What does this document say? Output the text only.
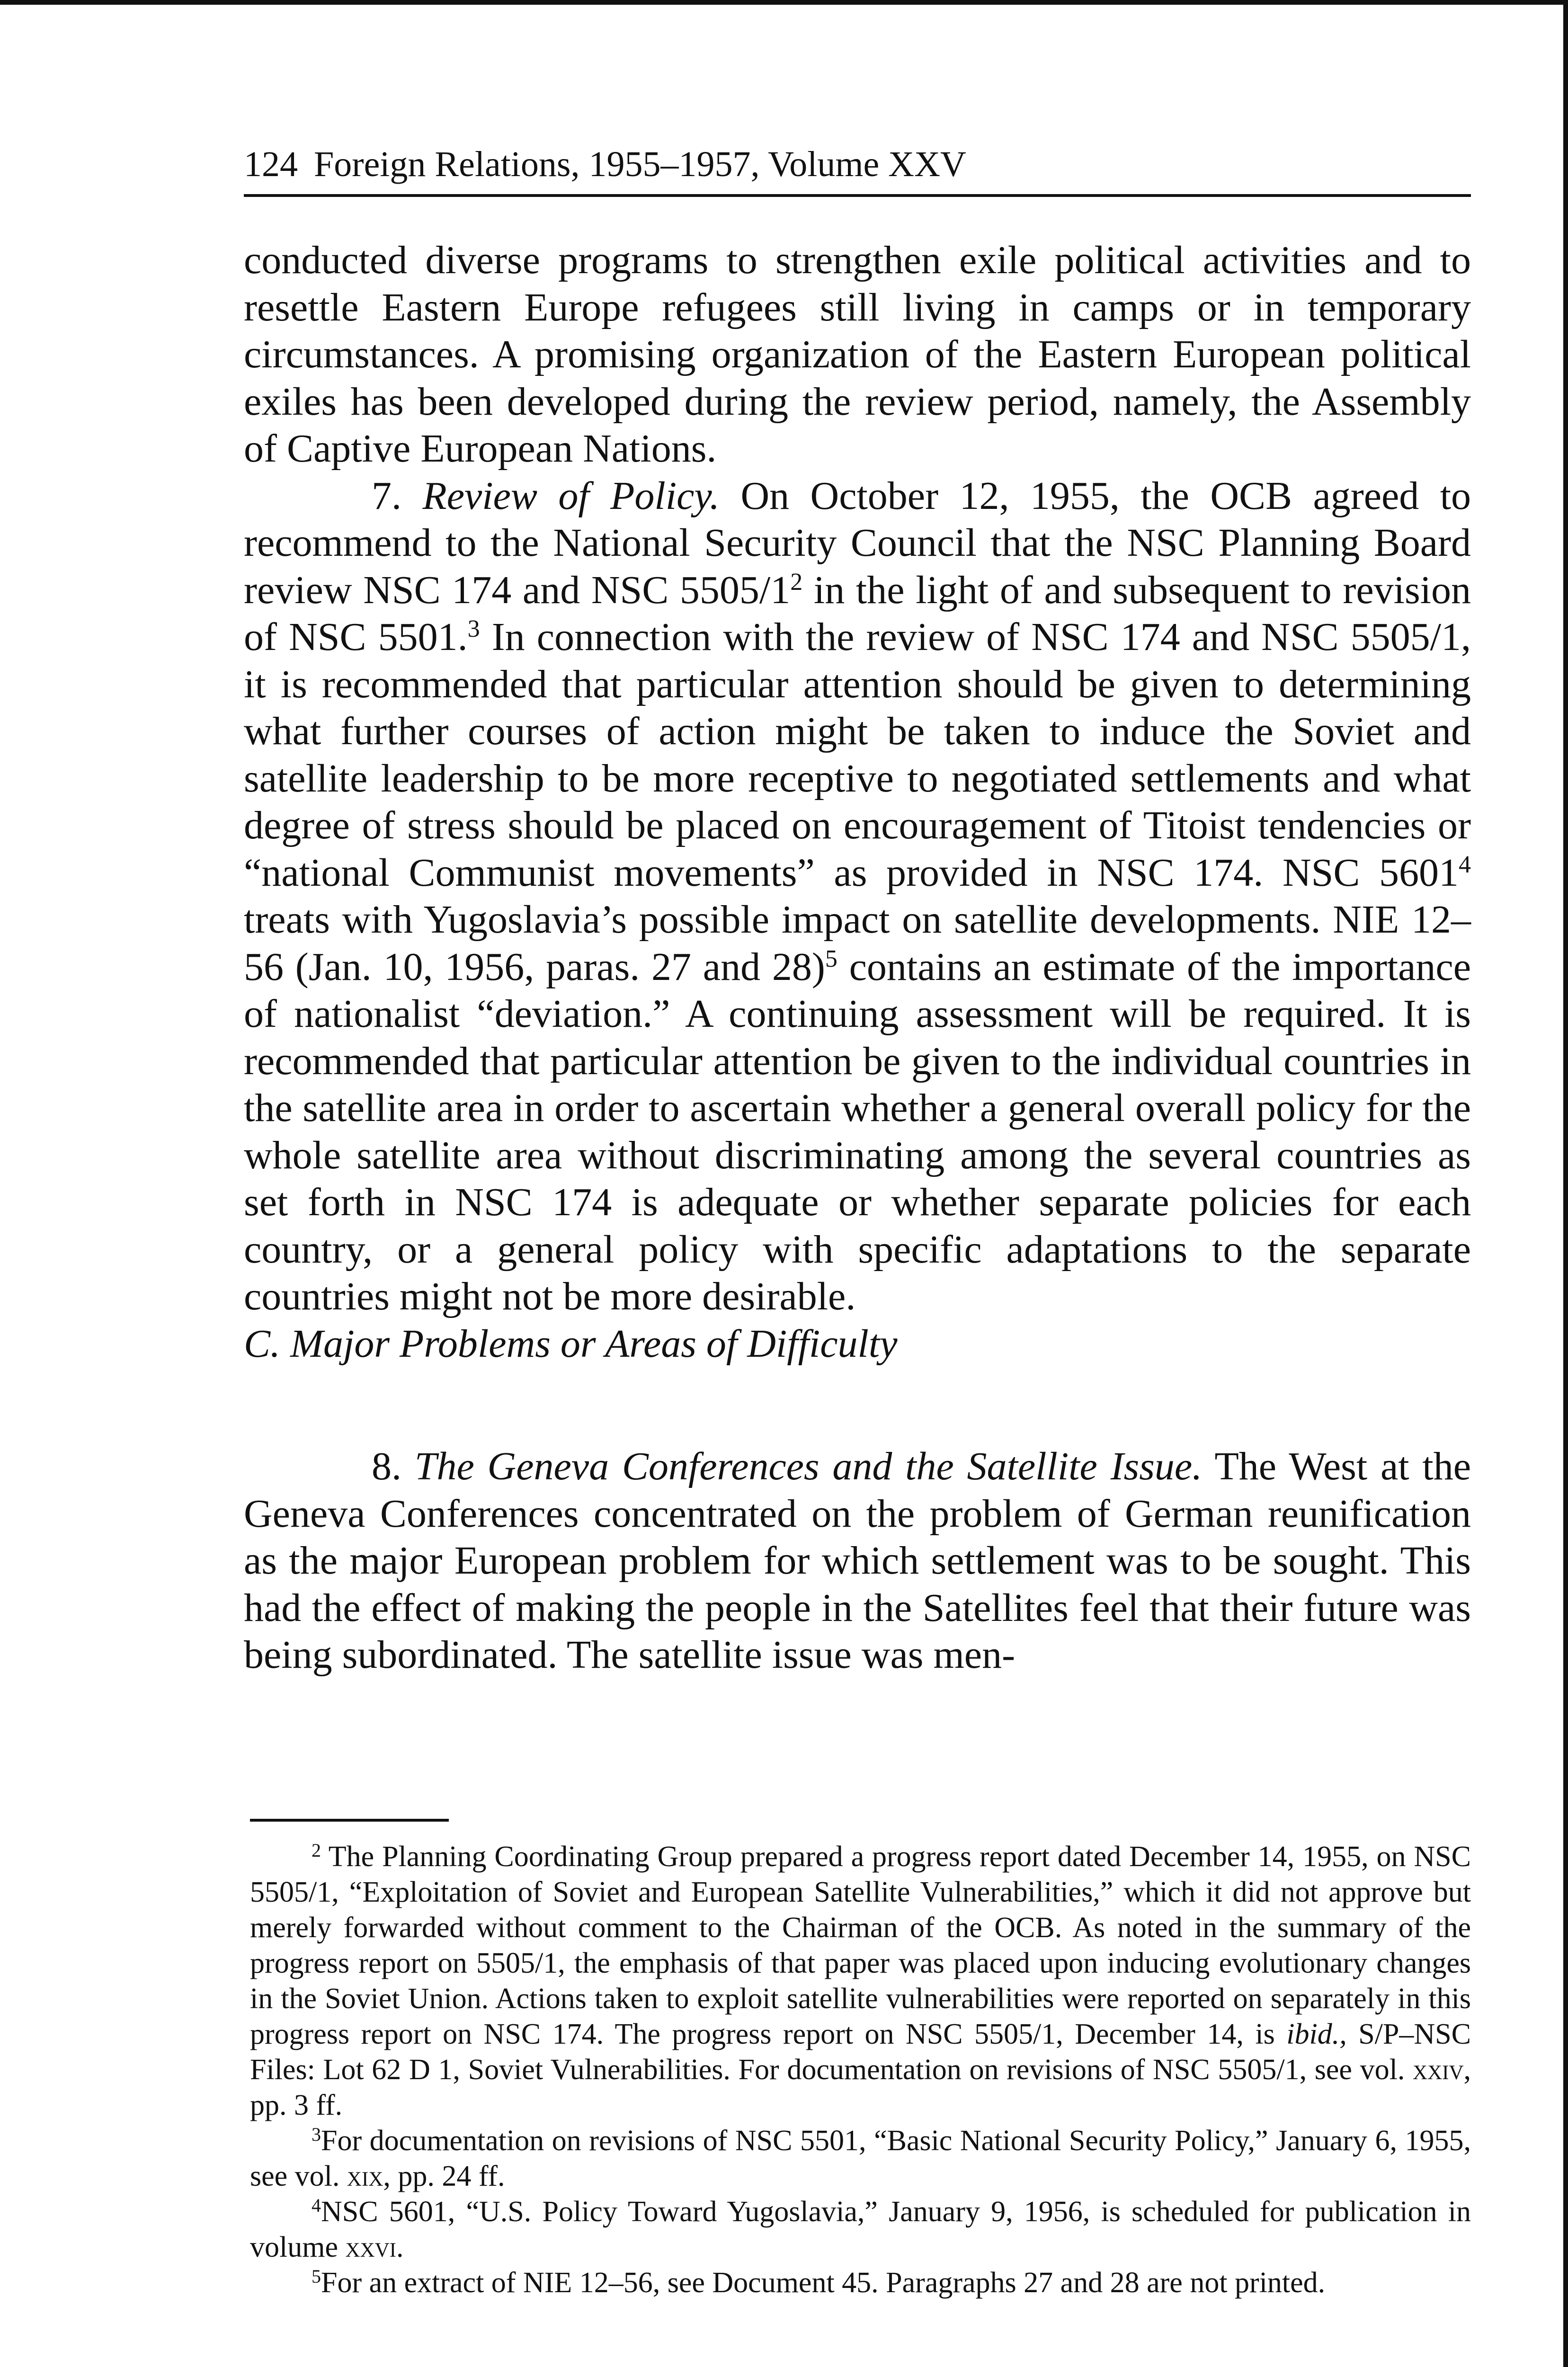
124 Foreign Relations, 1955–1957, Volume XXV

conducted diverse programs to strengthen exile political activities and to resettle Eastern Europe refugees still living in camps or in temporary circumstances. A promising organization of the Eastern European political exiles has been developed during the review period, namely, the Assembly of Captive European Nations.

7. Review of Policy. On October 12, 1955, the OCB agreed to recommend to the National Security Council that the NSC Planning Board review NSC 174 and NSC $5505/1^2$ in the light of and subsequent to revision of NSC 5501.$^3$ In connection with the review of NSC 174 and NSC 5505/1, it is recommended that particular attention should be given to determining what further courses of action might be taken to induce the Soviet and satellite leadership to be more receptive to negotiated settlements and what degree of stress should be placed on encouragement of Titoist tendencies or “national Communist movements” as provided in NSC 174. NSC 5601$^4$ treats with Yugoslavia’s possible impact on satellite developments. NIE 12–56 (Jan. 10, 1956, paras. 27 and 28)$^5$ contains an estimate of the importance of nationalist “deviation.” A continuing assessment will be required. It is recommended that particular attention be given to the individual countries in the satellite area in order to ascertain whether a general overall policy for the whole satellite area without discriminating among the several countries as set forth in NSC 174 is adequate or whether separate policies for each country, or a general policy with specific adaptations to the separate countries might not be more desirable.

C. Major Problems or Areas of Difficulty

8. The Geneva Conferences and the Satellite Issue. The West at the Geneva Conferences concentrated on the problem of German reunification as the major European problem for which settlement was to be sought. This had the effect of making the people in the Satellites feel that their future was being subordinated. The satellite issue was men-

$^2$ The Planning Coordinating Group prepared a progress report dated December 14, 1955, on NSC 5505/1, “Exploitation of Soviet and European Satellite Vulnerabilities,” which it did not approve but merely forwarded without comment to the Chairman of the OCB. As noted in the summary of the progress report on 5505/1, the emphasis of that paper was placed upon inducing evolutionary changes in the Soviet Union. Actions taken to exploit satellite vulnerabilities were reported on separately in this progress report on NSC 174. The progress report on NSC 5505/1, December 14, is ibid., S/P–NSC Files: Lot 62 D 1, Soviet Vulnerabilities. For documentation on revisions of NSC 5505/1, see vol. xxiv, pp. 3 ff.

$^3$For documentation on revisions of NSC 5501, “Basic National Security Policy,” January 6, 1955, see vol. xix, pp. 24 ff.

$^4$NSC 5601, “U.S. Policy Toward Yugoslavia,” January 9, 1956, is scheduled for publication in volume xxvi.

$^5$For an extract of NIE 12–56, see Document 45. Paragraphs 27 and 28 are not printed.
